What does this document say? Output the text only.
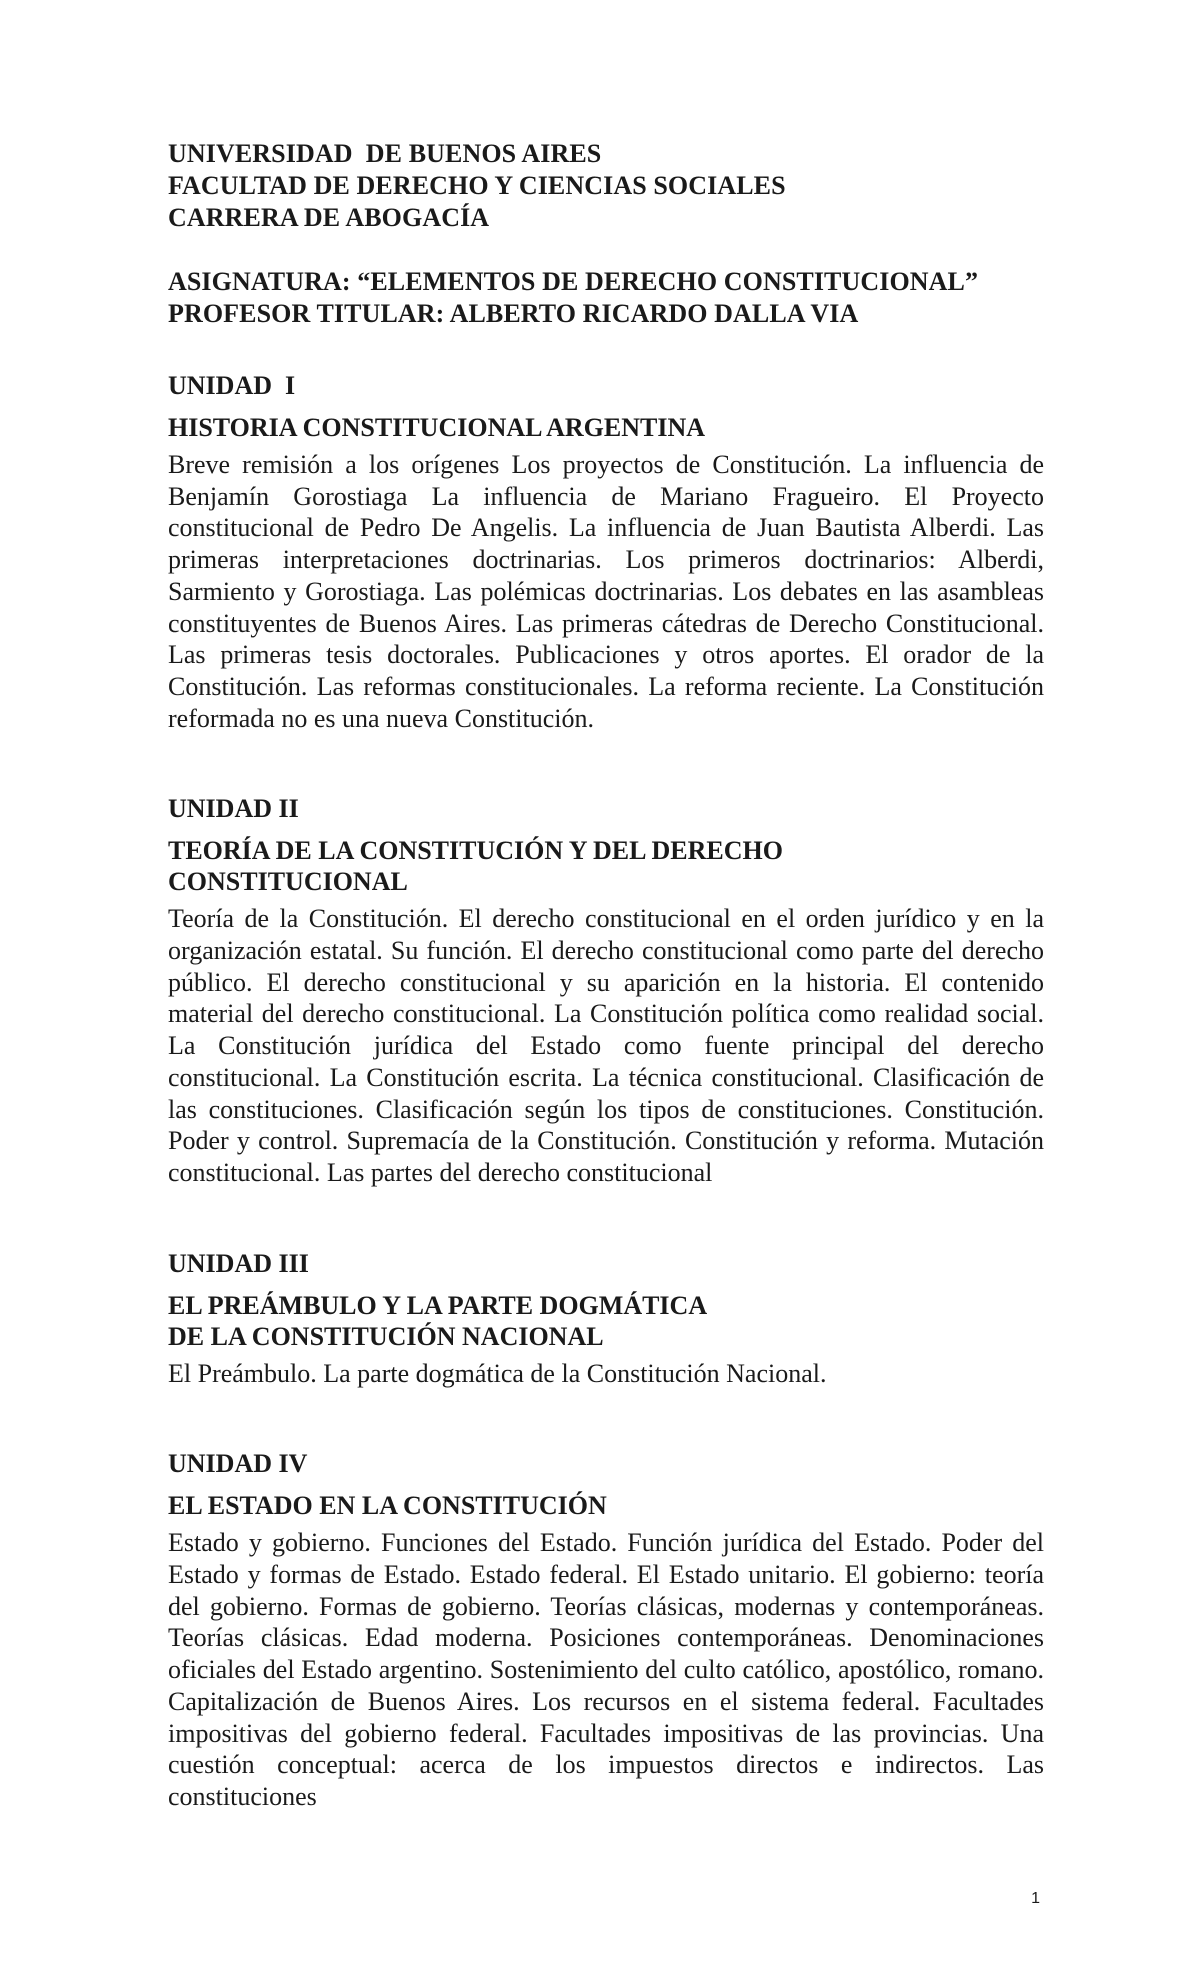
UNIVERSIDAD  DE BUENOS AIRES

FACULTAD DE DERECHO Y CIENCIAS SOCIALES

CARRERA DE ABOGACÍA

ASIGNATURA: “ELEMENTOS DE DERECHO CONSTITUCIONAL”

PROFESOR TITULAR: ALBERTO RICARDO DALLA VIA

UNIDAD  I

HISTORIA CONSTITUCIONAL ARGENTINA

Breve remisión a los orígenes Los proyectos de Constitución. La influencia de Benjamín Gorostiaga La influencia de Mariano Fragueiro. El Proyecto constitucional de Pedro De Angelis. La influencia de Juan Bautista Alberdi. Las primeras interpretaciones doctrinarias. Los primeros doctrinarios: Alberdi, Sarmiento y Gorostiaga. Las polémicas doctrinarias. Los debates en las asambleas constituyentes de Buenos Aires. Las primeras cátedras de Derecho Constitucional. Las primeras tesis doctorales. Publicaciones y otros aportes. El orador de la Constitución. Las reformas constitucionales. La reforma reciente. La Constitución reformada no es una nueva Constitución.

UNIDAD II

TEORÍA DE LA CONSTITUCIÓN Y DEL DERECHO
CONSTITUCIONAL

Teoría de la Constitución. El derecho constitucional en el orden jurídico y en la organización estatal. Su función. El derecho constitucional como parte del derecho público. El derecho constitucional y su aparición en la historia. El contenido material del derecho constitucional. La Constitución política como realidad social. La Constitución jurídica del Estado como fuente principal del derecho constitucional. La Constitución escrita. La técnica constitucional. Clasificación de las constituciones. Clasificación según los tipos de constituciones. Constitución. Poder y control. Supremacía de la Constitución. Constitución y reforma. Mutación constitucional. Las partes del derecho constitucional

UNIDAD III

EL PREÁMBULO Y LA PARTE DOGMÁTICA
DE LA CONSTITUCIÓN NACIONAL

El Preámbulo. La parte dogmática de la Constitución Nacional.

UNIDAD IV

EL ESTADO EN LA CONSTITUCIÓN

Estado y gobierno. Funciones del Estado. Función jurídica del Estado. Poder del Estado y formas de Estado. Estado federal. El Estado unitario. El gobierno: teoría del gobierno. Formas de gobierno. Teorías clásicas, modernas y contemporáneas. Teorías clásicas. Edad moderna. Posiciones contemporáneas. Denominaciones oficiales del Estado argentino. Sostenimiento del culto católico, apostólico, romano. Capitalización de Buenos Aires. Los recursos en el sistema federal. Facultades impositivas del gobierno federal. Facultades impositivas de las provincias. Una cuestión conceptual: acerca de los impuestos directos e indirectos. Las constituciones

1
